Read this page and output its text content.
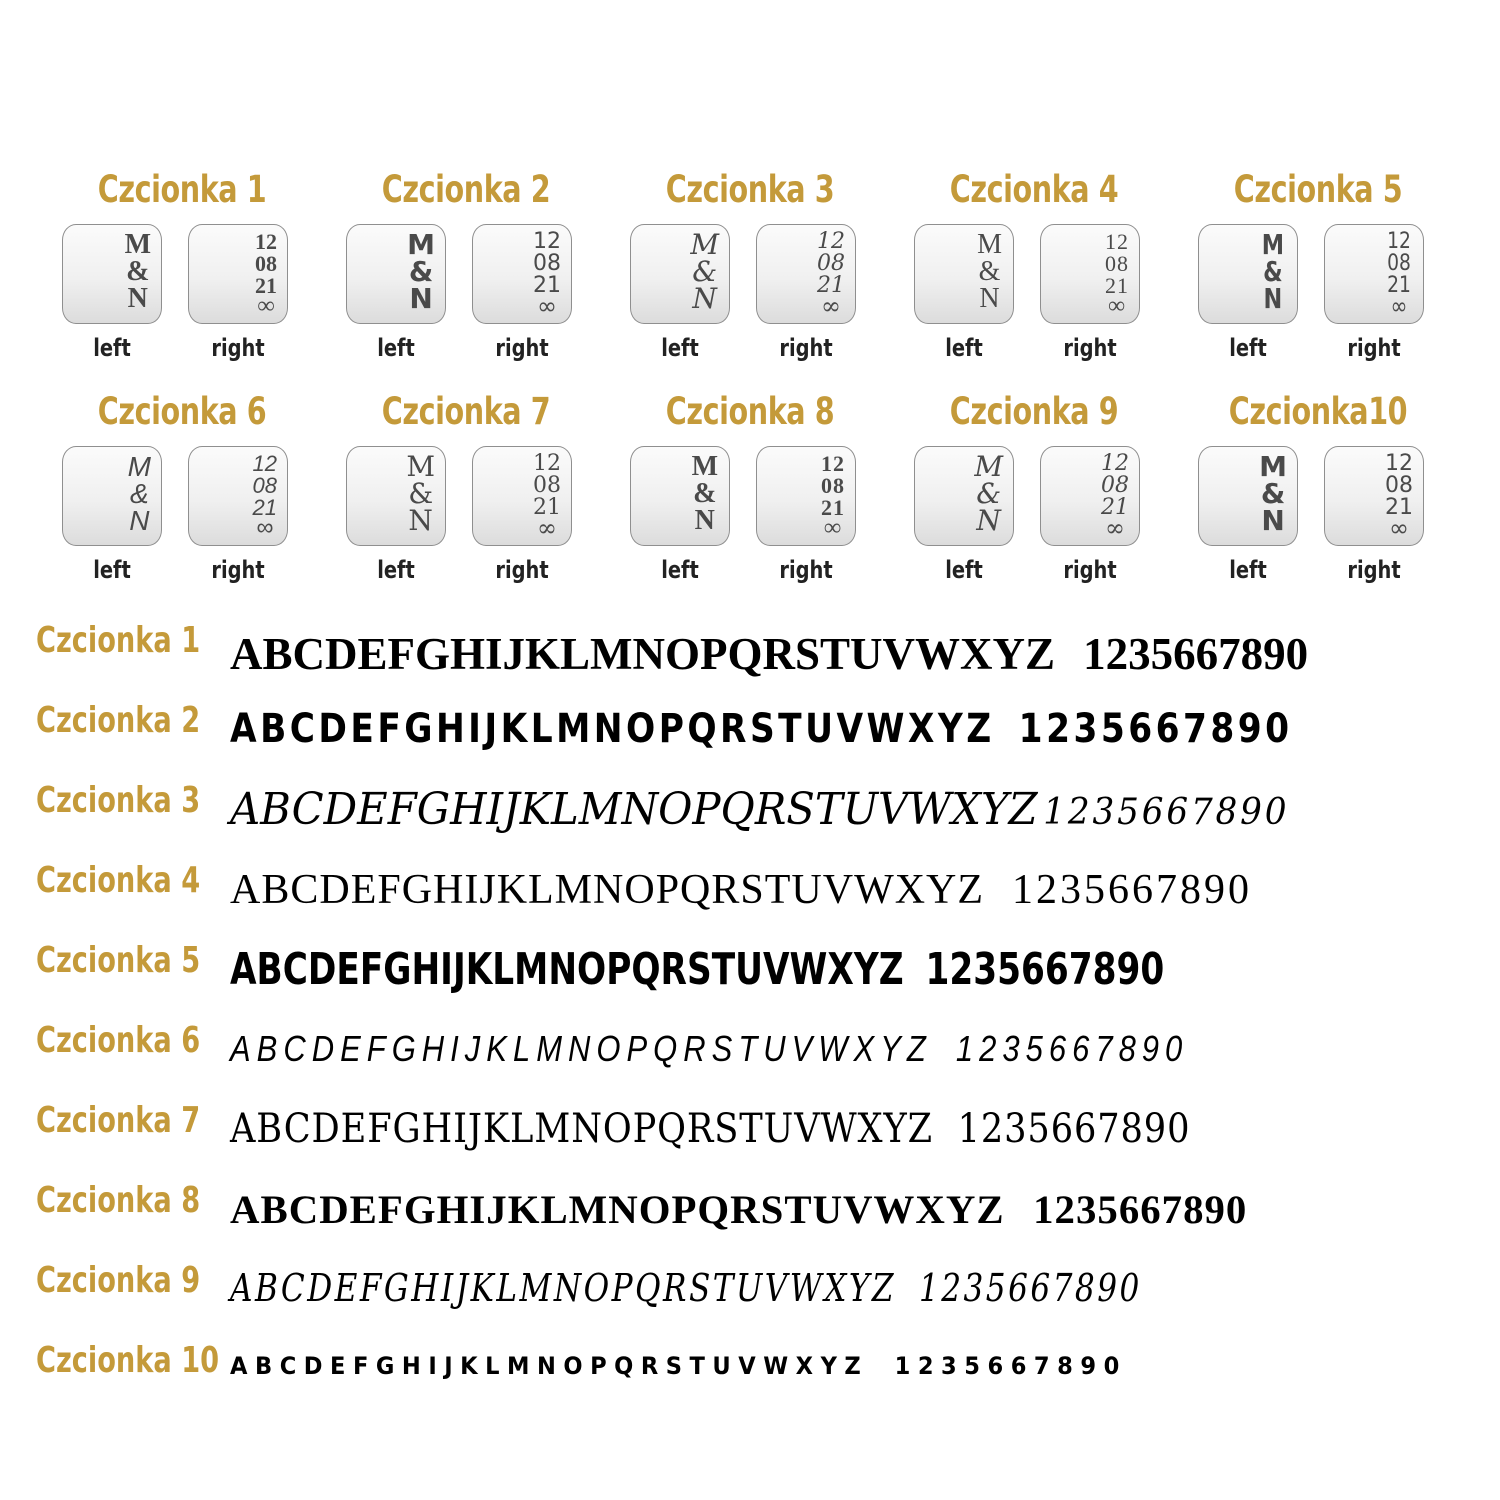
Czcionka 1
M
&
N
12
08
21
∞
left	right
Czcionka 2
M
&
N
12
08
21
∞
left	right
Czcionka 3
M
&
N
12
08
21
∞
left	right
Czcionka 4
M
&
N
12
08
21
∞
left	right
Czcionka 5
M
&
N
12
08
21
∞
left	right
Czcionka 6
M
&
N
12
08
21
∞
left	right
Czcionka 7
M
&
N
12
08
21
∞
left	right
Czcionka 8
M
&
N
12
08
21
∞
left	right
Czcionka 9
M
&
N
12
08
21
∞
left	right
Czcionka10
M
&
N
12
08
21
∞
left	right
Czcionka 1 ABCDEFGHIJKLMNOPQRSTUVWXYZ 1235667890
Czcionka 2 ABCDEFGHIJKLMNOPQRSTUVWXYZ 1235667890
Czcionka 3 ABCDEFGHIJKLMNOPQRSTUVWXYZ 1235667890
Czcionka 4 ABCDEFGHIJKLMNOPQRSTUVWXYZ 1235667890
Czcionka 5 ABCDEFGHIJKLMNOPQRSTUVWXYZ 1235667890
Czcionka 6 ABCDEFGHIJKLMNOPQRSTUVWXYZ 1235667890
Czcionka 7 ABCDEFGHIJKLMNOPQRSTUVWXYZ 1235667890
Czcionka 8 ABCDEFGHIJKLMNOPQRSTUVWXYZ 1235667890
Czcionka 9 ABCDEFGHIJKLMNOPQRSTUVWXYZ 1235667890
Czcionka 10 ABCDEFGHIJKLMNOPQRSTUVWXYZ 1235667890
